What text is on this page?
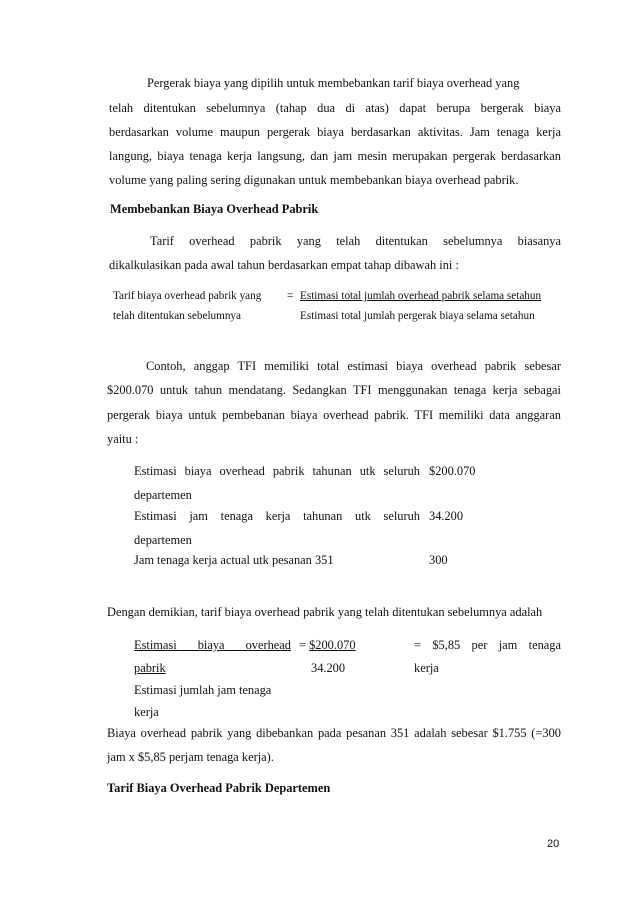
Pergerak biaya yang dipilih untuk membebankan tarif biaya overhead yang
telah ditentukan sebelumnya (tahap dua di atas) dapat berupa bergerak biaya
berdasarkan volume maupun pergerak biaya berdasarkan aktivitas. Jam tenaga kerja
langung, biaya tenaga kerja langsung, dan jam mesin merupakan pergerak berdasarkan
volume yang paling sering digunakan untuk membebankan biaya overhead pabrik.
Membebankan Biaya Overhead Pabrik
Tarif overhead pabrik yang telah ditentukan sebelumnya biasanya
dikalkulasikan pada awal tahun berdasarkan empat tahap dibawah ini :
Tarif biaya overhead pabrik yang
telah ditentukan sebelumnya
= Estimasi total jumlah overhead pabrik selama setahun
Estimasi total jumlah pergerak biaya selama setahun
Contoh, anggap TFI memiliki total estimasi biaya overhead pabrik sebesar
$200.070 untuk tahun mendatang. Sedangkan TFI menggunakan tenaga kerja sebagai
pergerak biaya untuk pembebanan biaya overhead pabrik. TFI memiliki data anggaran
yaitu :
Estimasi biaya overhead pabrik tahunan utk seluruh
departemen
$200.070
Estimasi jam tenaga kerja tahunan utk seluruh
departemen
34.200
Jam tenaga kerja actual utk pesanan 351	300
Dengan demikian, tarif biaya overhead pabrik yang telah ditentukan sebelumnya adalah
Estimasi biaya overhead
pabrik
Estimasi jumlah jam tenaga
kerja
= $200.070
34.200
= $5,85 per jam tenaga
kerja
Biaya overhead pabrik yang dibebankan pada pesanan 351 adalah sebesar $1.755 (=300
jam x $5,85 perjam tenaga kerja).
Tarif Biaya Overhead Pabrik Departemen
20
